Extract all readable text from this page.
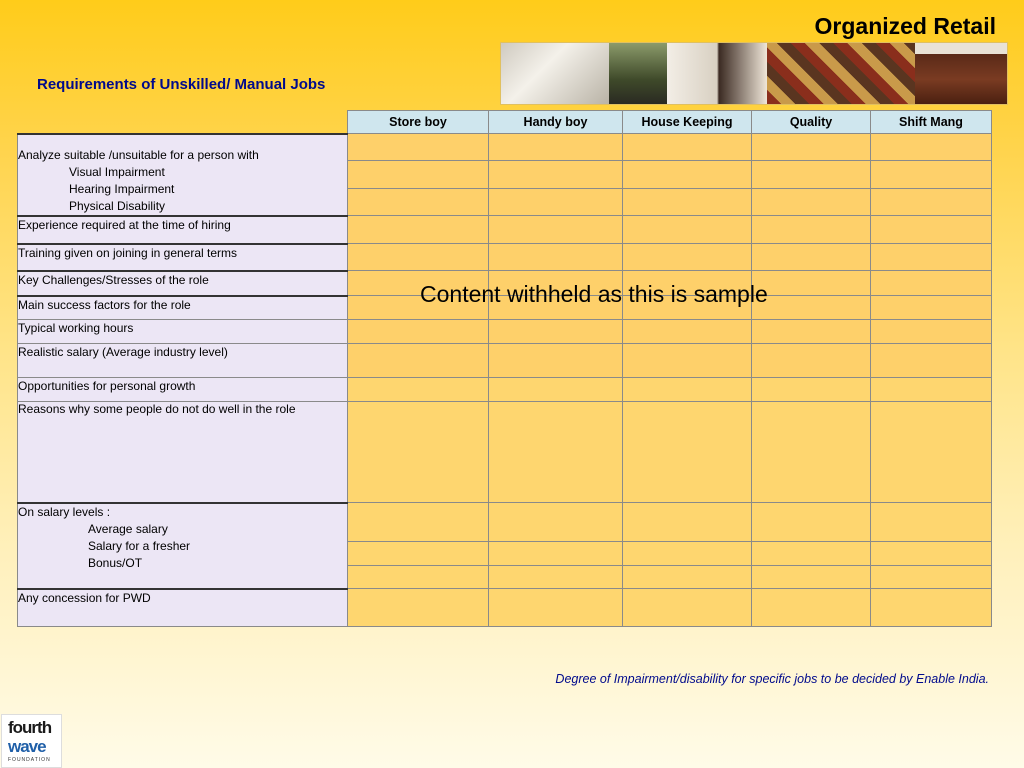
Organized Retail
Requirements of Unskilled/ Manual Jobs
	Store boy	Handy boy	House Keeping	Quality	Shift Mang
Analyze suitable /unsuitable for a person with
Visual Impairment
Hearing Impairment
Physical Disability					

Experience required at the time of hiring					
Training given on joining in general terms					
Key Challenges/Stresses of the role					
Main success factors for the role					
Typical working hours					
Realistic salary (Average industry level)					
Opportunities for personal growth					
Reasons why some people do not do well in the role					
On salary levels :
Average salary
Salary for a fresher
Bonus/OT					

Any concession for PWD					
Content withheld as this is sample
Degree of Impairment/disability for specific jobs to be decided by Enable India.
fourth
wave
FOUNDATION
